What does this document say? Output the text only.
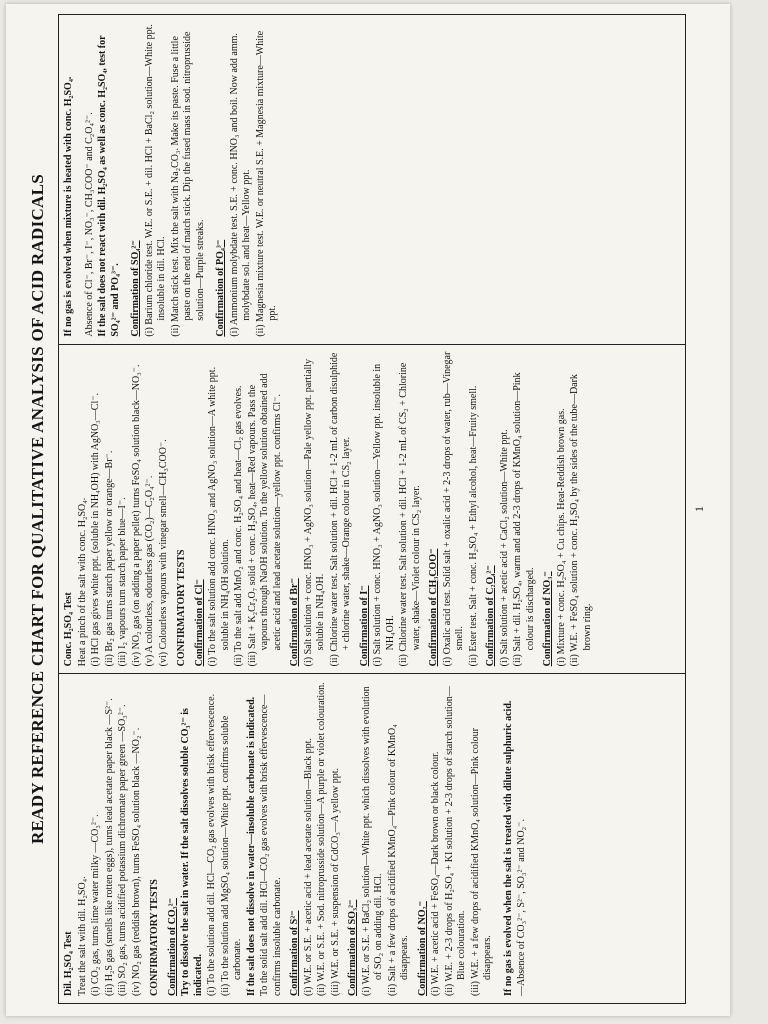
READY REFERENCE CHART FOR QUALITATIVE ANALYSIS OF ACID RADICALS

Dil. H₂SO₄ Test Treat the salt with dil. H₂SO₄. (i) CO₂ gas, turns lime water milky —CO₃²⁻. (ii) H₂S gas (smells like rotten eggs), turns lead acetate paper black —S²⁻. (iii) SO₂ gas, turns acidified potassium dichromate paper green —SO₃²⁻. (iv) NO₂ gas (reddish brown), turns FeSO₄ solution black —NO₂⁻. CONFIRMATORY TESTS Confirmation of CO₃²⁻ Try to dissolve the salt in water. If the salt dissolves soluble CO₃²⁻ is indicated. (i) To the solution add dil. HCl—CO₂ gas evolves with brisk effervescence. (ii) To the solution add MgSO₄ solution—White ppt. confirms soluble carbonate. If the salt does not dissolve in water—insoluble carbonate is indicated. To the solid salt add dil. HCl—CO₂ gas evolves with brisk effervescence—confirms insoluble carbonate. Confirmation of S²⁻ (i) W.E. or S.E. + acetic acid + lead acetate solution—Black ppt. (ii) W.E. or S.E. + Sod. nitroprusside solution—A purple or violet colouration. (iii) W.E. or S.E. + suspension of CdCO₃—A yellow ppt. Confirmation of SO₃²⁻ (i) W.E. or S.E. + BaCl₂ solution—White ppt. which dissolves with evolution of SO₂ on adding dil. HCl. (ii) Salt + a few drops of acidified KMnO₄—Pink colour of KMnO₄ disappears. Confirmation of NO₂⁻ (i) W.E. + acetic acid + FeSO₄—Dark brown or black colour. (ii) W.E. + 2-3 drops of H₂SO₄ + KI solution + 2-3 drops of starch solution—Blue colouration. (iii) W.E. + a few drops of acidified KMnO₄ solution—Pink colour disappears. If no gas is evolved when the salt is treated with dilute sulphuric acid. —Absence of CO₃²⁻, S²⁻, SO₃²⁻ and NO₂⁻.

Conc. H₂SO₄ Test Heat a pinch of the salt with conc. H₂SO₄. (i) HCl gas gives white ppt. (soluble in NH₄OH) with AgNO₃—Cl⁻. (ii) Br₂ gas turns starch paper yellow or orange—Br⁻. (iii) I₂ vapours turn starch paper blue—I⁻. (iv) NO₂ gas (on adding a paper pellet) turns FeSO₄ solution black—NO₃⁻. (v) A colourless, odourless gas (CO₂)—C₂O₄²⁻. (vi) Colourless vapours with vinegar smell—CH₃COO⁻. CONFIRMATORY TESTS Confirmation of Cl⁻ (i) To the salt solution add conc. HNO₃ and AgNO₃ solution—A white ppt. soluble in NH₄OH solution. (ii) To the salt add MnO₂ and conc. H₂SO₄ and heat—Cl₂ gas evolves. (iii) Salt + K₂Cr₂O₇ solid + conc. H₂SO₄, heat—Red vapours. Pass the vapours through NaOH solution. To the yellow solution obtained add acetic acid and lead acetate solution—yellow ppt. confirms Cl⁻. Confirmation of Br⁻ (i) Salt solution + conc. HNO₃ + AgNO₃ solution—Pale yellow ppt. partially soluble in NH₄OH. (ii) Chlorine water test. Salt solution + dil. HCl + 1-2 mL of carbon disulphide + chlorine water, shake—Orange colour in CS₂ layer. Confirmation of I⁻ (i) Salt solution + conc. HNO₃ + AgNO₃ solution—Yellow ppt. insoluble in NH₄OH. (ii) Chlorine water test. Salt solution + dil. HCl + 1-2 mL of CS₂ + Chlorine water, shake—Violet colour in CS₂ layer. Confirmation of CH₃COO⁻ (i) Oxalic acid test. Solid salt + oxalic acid + 2-3 drops of water, rub—Vinegar smell. (ii) Ester test. Salt + conc. H₂SO₄ + Ethyl alcohol, heat—Fruity smell. Confirmation of C₂O₄²⁻ (i) Salt solution + acetic acid + CaCl₂ solution—White ppt. (ii) Salt + dil. H₂SO₄, warm and add 2-3 drops of KMnO₄ solution—Pink colour is discharged. Confirmation of NO₃⁻ (i) Mixture + conc. H₂SO₄ + Cu chips. Heat-Reddish brown gas. (ii) W.E. + FeSO₄ solution + conc. H₂SO₄ by the sides of the tube—Dark brown ring.

If no gas is evolved when mixture is heated with conc. H₂SO₄. Absence of Cl⁻, Br⁻, I⁻, NO₃⁻, CH₃COO⁻ and C₂O₄²⁻. If the salt does not react with dil. H₂SO₄ as well as conc. H₂SO₄, test for SO₄²⁻ and PO₄³⁻. Confirmation of SO₄²⁻ (i) Barium chloride test. W.E. or S.E. + dil. HCl + BaCl₂ solution—White ppt. insoluble in dil. HCl. (ii) Match stick test. Mix the salt with Na₂CO₃. Make its paste. Fuse a little paste on the end of match stick. Dip the fused mass in sod. nitroprusside solution—Purple streaks. Confirmation of PO₄³⁻ (i) Ammonium molybdate test. S.E. + conc. HNO₃ and boil. Now add amm. molybdate sol. and heat—Yellow ppt. (ii) Magnesia mixture test. W.E. or neutral S.E. + Magnesia mixture—White ppt.

1
